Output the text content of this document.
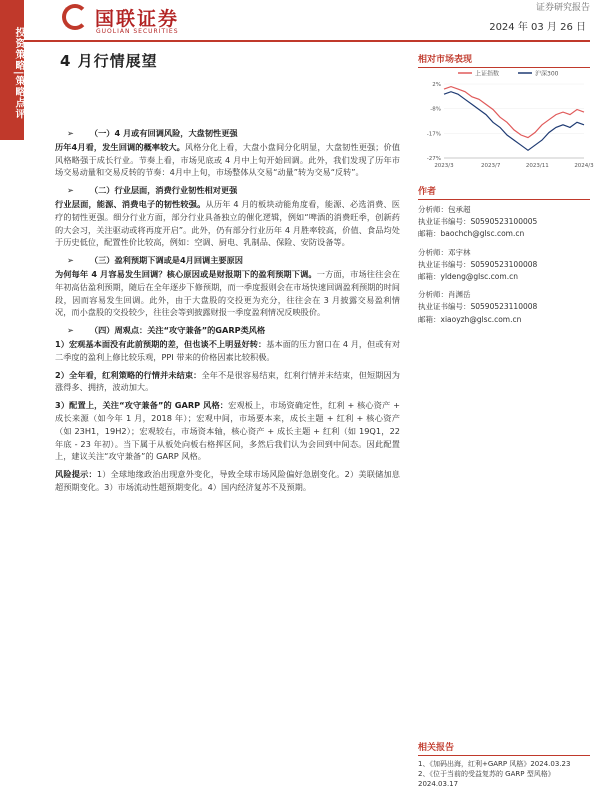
投资策略|策略点评
国联证券
GUOLIAN SECURITIES
证券研究报告
2024 年 03 月 26 日
4 月行情展望
➢ （一）4 月或有回调风险，大盘韧性更强

历年4月看，发生回调的概率较大。风格分化上看，大盘小盘间分化明显，大盘韧性更强；价值风格略强于成长行业。节奏上看，市场见底或 4 月中上旬开始回调。此外，我们发现了历年市场交易动量和交易反转的节奏：4月中上旬，市场整体从交易“动量”转为交易“反转”。

➢ （二）行业层面，消费行业韧性相对更强

行业层面，能源、消费电子的韧性较强。从历年 4 月的板块动能角度看，能源、必选消费、医疗的韧性更强。细分行业方面，部分行业具备独立的催化逻辑，例如“啤酒的消费旺季，创新药的大会习，关注驱动或将再度开启”。此外，仍有部分行业历年 4 月胜率较高，价值、食品均处于历史低位，配置性价比较高，例如：空调、厨电、乳制品、保险、安防设备等。

➢ （三）盈利预期下调或是4月回调主要原因

为何每年 4 月容易发生回调？核心原因或是财报期下的盈利预期下调。一方面，市场往往会在年初高估盈利预期，随后在全年逐步下修预期，而一季度报则会在市场快速回调盈利预期的时间段，因而容易发生回调。此外，由于大盘股的交投更为充分，往往会在 3 月披露交易盈利情况，而小盘股的交投较少，往往会等到披露财报一季度盈利情况反映股价。

➢ （四）周观点：关注“攻守兼备”的GARP类风格

1）宏观基本面没有此前预期的差，但也谈不上明显好转：基本面的压力窗口在 4 月，但或有对二季度的盈利上修比较乐观，PPI 带来的价格因素比较积极。

2）全年看，红利策略的行情并未结束：全年不是很容易结束，红利行情并未结束，但短期因为涨得多、拥挤，波动加大。

3）配置上，关注“攻守兼备”的 GARP 风格：宏观板上，市场资确定性，红利 + 核心资产 + 成长来源（如今年 1 月，2018 年）；宏观中间，市场要本来，成长主题 + 红利 + 核心资产（如 23H1，19H2）；宏观较右，市场资本轴，核心资产 + 成长主题 + 红利（如 19Q1，22 年底 - 23 年初）。当下属于从板处向板右格挥区间，多然后我们认为会回到中间态。因此配置上，建议关注“攻守兼备”的 GARP 风格。

风险提示：1）全球地缘政治出现意外变化，导致全球市场风险偏好急剧变化。2）美联储加息超预期变化。3）市场流动性超预期变化。4）国内经济复苏不及预期。

相对市场表现
上证指数	沪深300
2%
-8%
-17%
-27%
2023/3	2023/7	2023/11	2024/3
作者
分析师：包承超
执业证书编号：S0590523100005
邮箱：baochch@glsc.com.cn
分析师：邓宇林
执业证书编号：S0590523100008
邮箱：yldeng@glsc.com.cn
分析师：肖渊岳
执业证书编号：S0590523110008
邮箱：xiaoyzh@glsc.com.cn
相关报告
1、《加码出海，红利+GARP 风格》2024.03.23
2、《位于当前的受益复苏的 GARP 型风格》2024.03.17
